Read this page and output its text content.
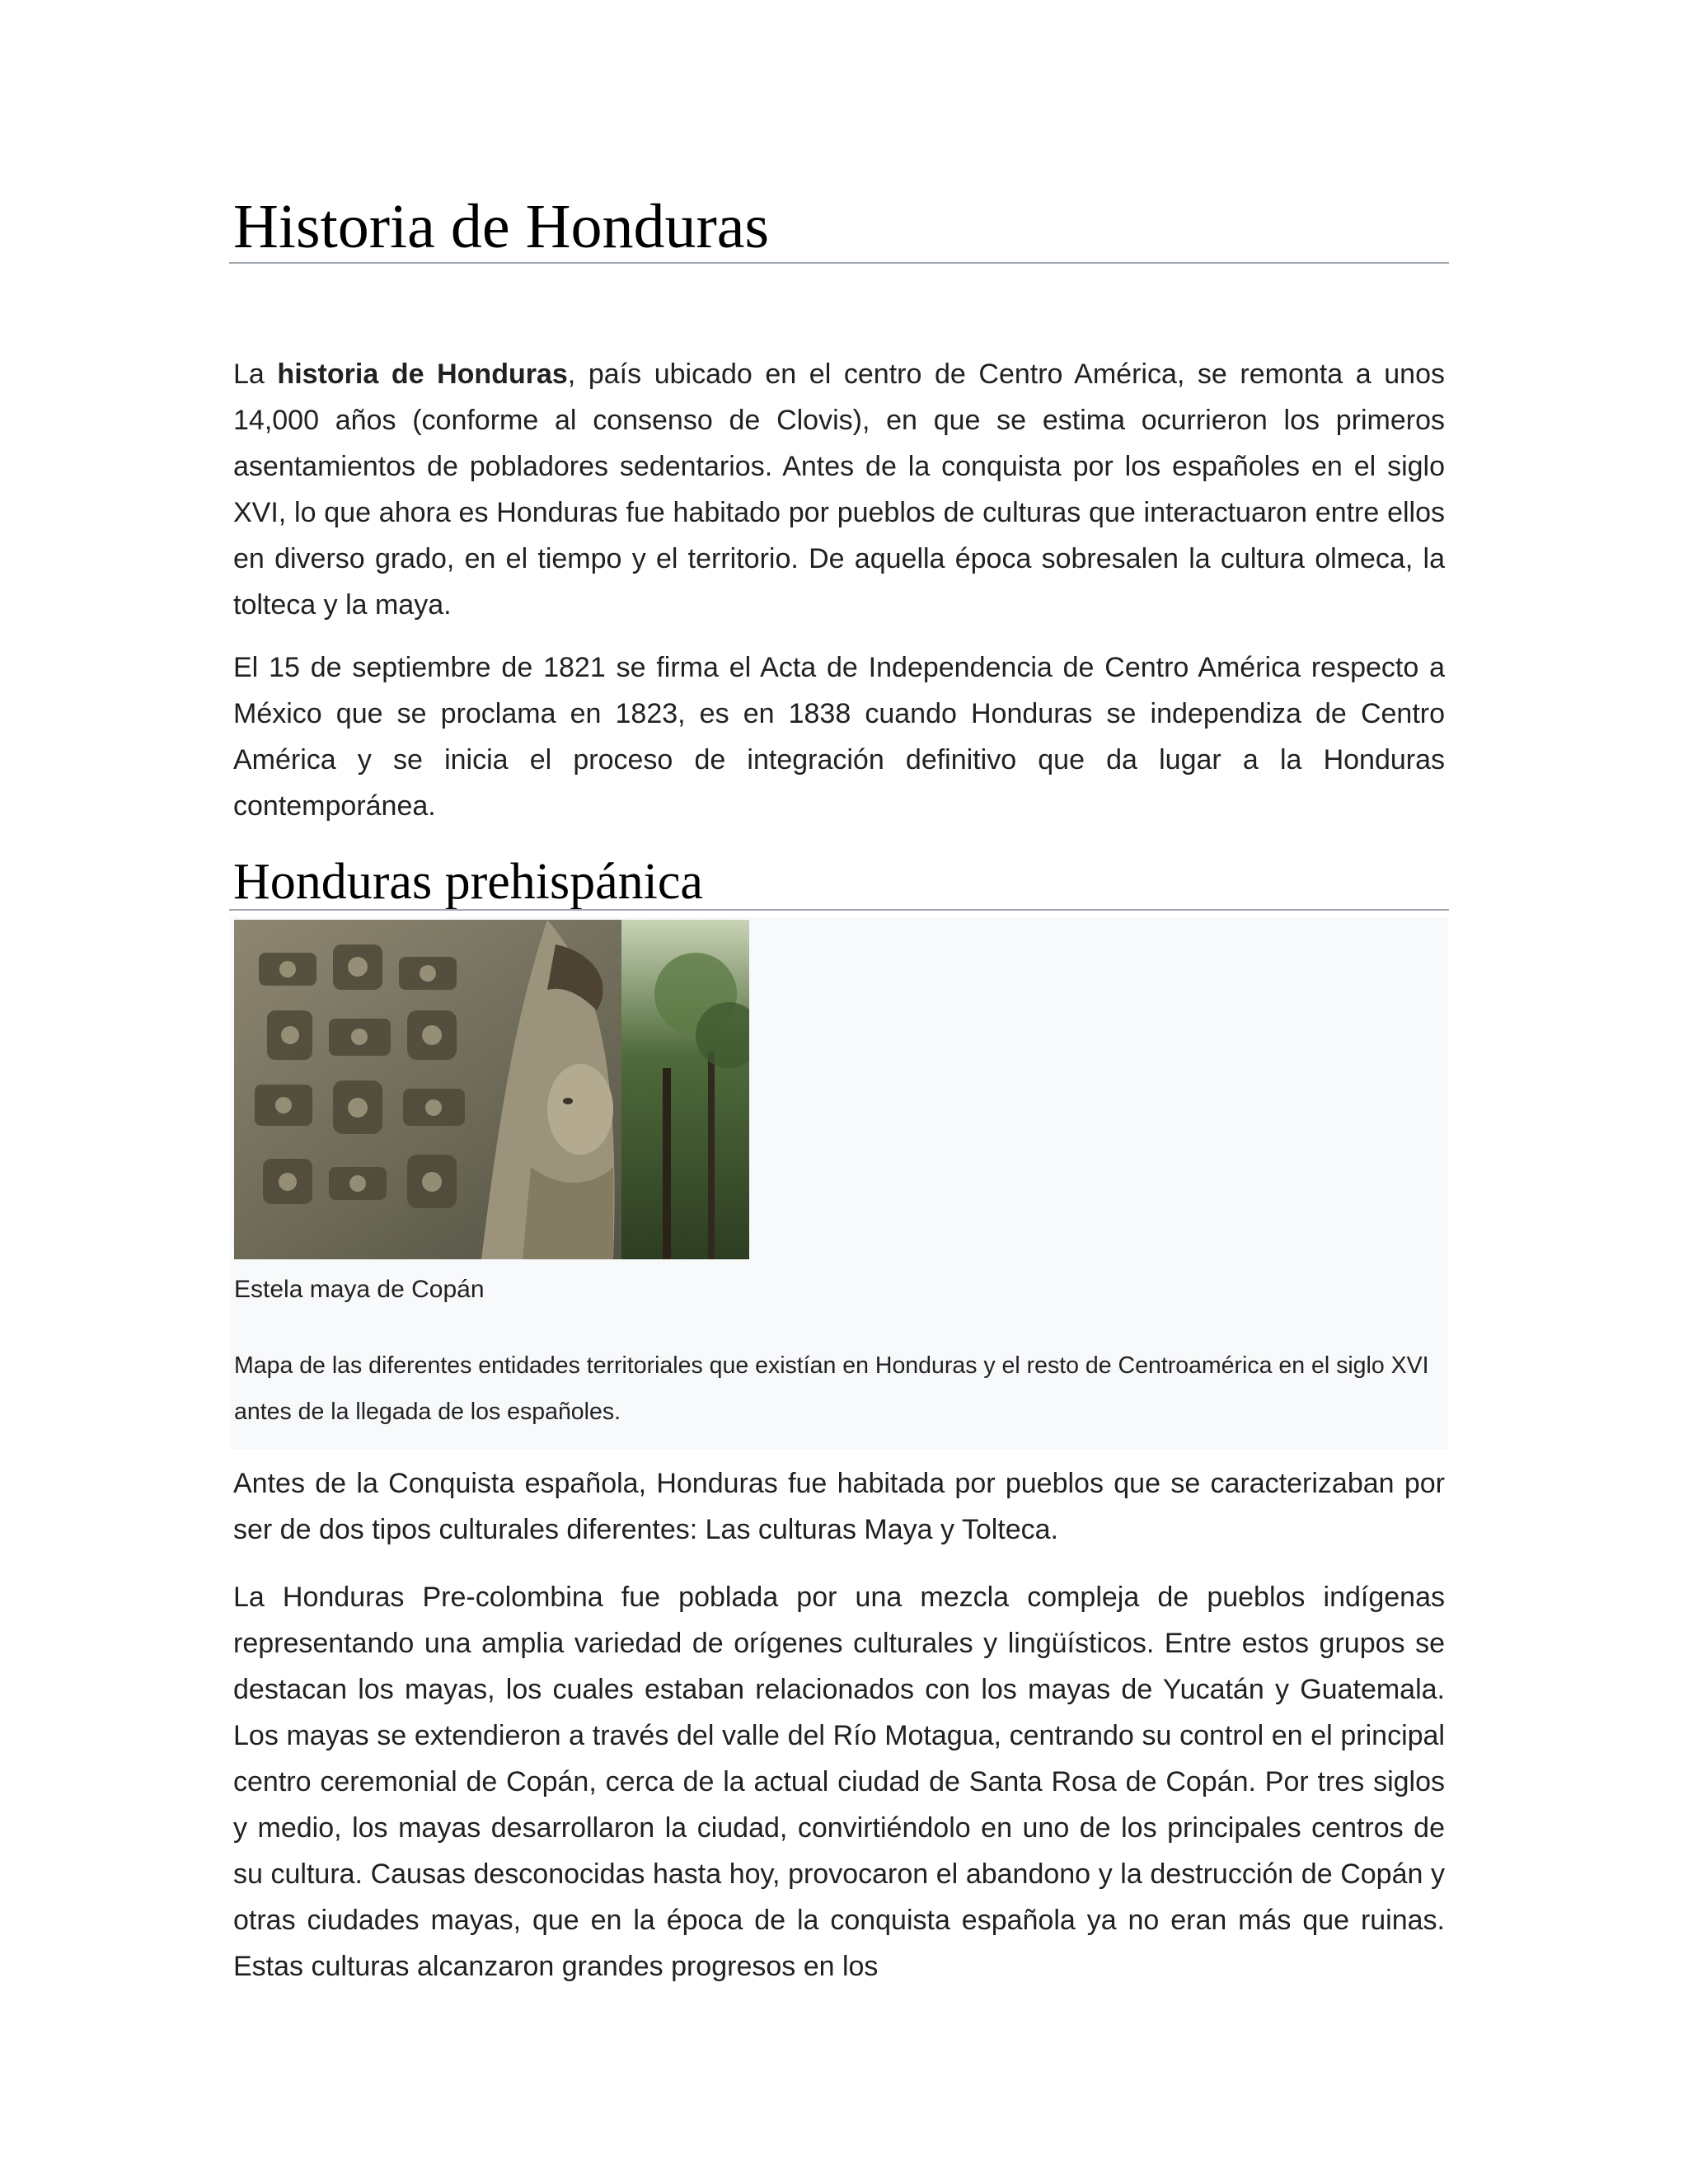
Historia de Honduras

La historia de Honduras, país ubicado en el centro de Centro América, se remonta a unos 14,000 años (conforme al consenso de Clovis), en que se estima ocurrieron los primeros asentamientos de pobladores sedentarios. Antes de la conquista por los españoles en el siglo XVI, lo que ahora es Honduras fue habitado por pueblos de culturas que interactuaron entre ellos en diverso grado, en el tiempo y el territorio. De aquella época sobresalen la cultura olmeca, la tolteca y la maya.

El 15 de septiembre de 1821 se firma el Acta de Independencia de Centro América respecto a México que se proclama en 1823, es en 1838 cuando Honduras se independiza de Centro América y se inicia el proceso de integración definitivo que da lugar a la Honduras contemporánea.

Honduras prehispánica

Estela maya de Copán

Mapa de las diferentes entidades territoriales que existían en Honduras y el resto de Centroamérica en el siglo XVI antes de la llegada de los españoles.

Antes de la Conquista española, Honduras fue habitada por pueblos que se caracterizaban por ser de dos tipos culturales diferentes: Las culturas Maya y Tolteca.

La Honduras Pre-colombina fue poblada por una mezcla compleja de pueblos indígenas representando una amplia variedad de orígenes culturales y lingüísticos. Entre estos grupos se destacan los mayas, los cuales estaban relacionados con los mayas de Yucatán y Guatemala. Los mayas se extendieron a través del valle del Río Motagua, centrando su control en el principal centro ceremonial de Copán, cerca de la actual ciudad de Santa Rosa de Copán. Por tres siglos y medio, los mayas desarrollaron la ciudad, convirtiéndolo en uno de los principales centros de su cultura. Causas desconocidas hasta hoy, provocaron el abandono y la destrucción de Copán y otras ciudades mayas, que en la época de la conquista española ya no eran más que ruinas. Estas culturas alcanzaron grandes progresos en los
